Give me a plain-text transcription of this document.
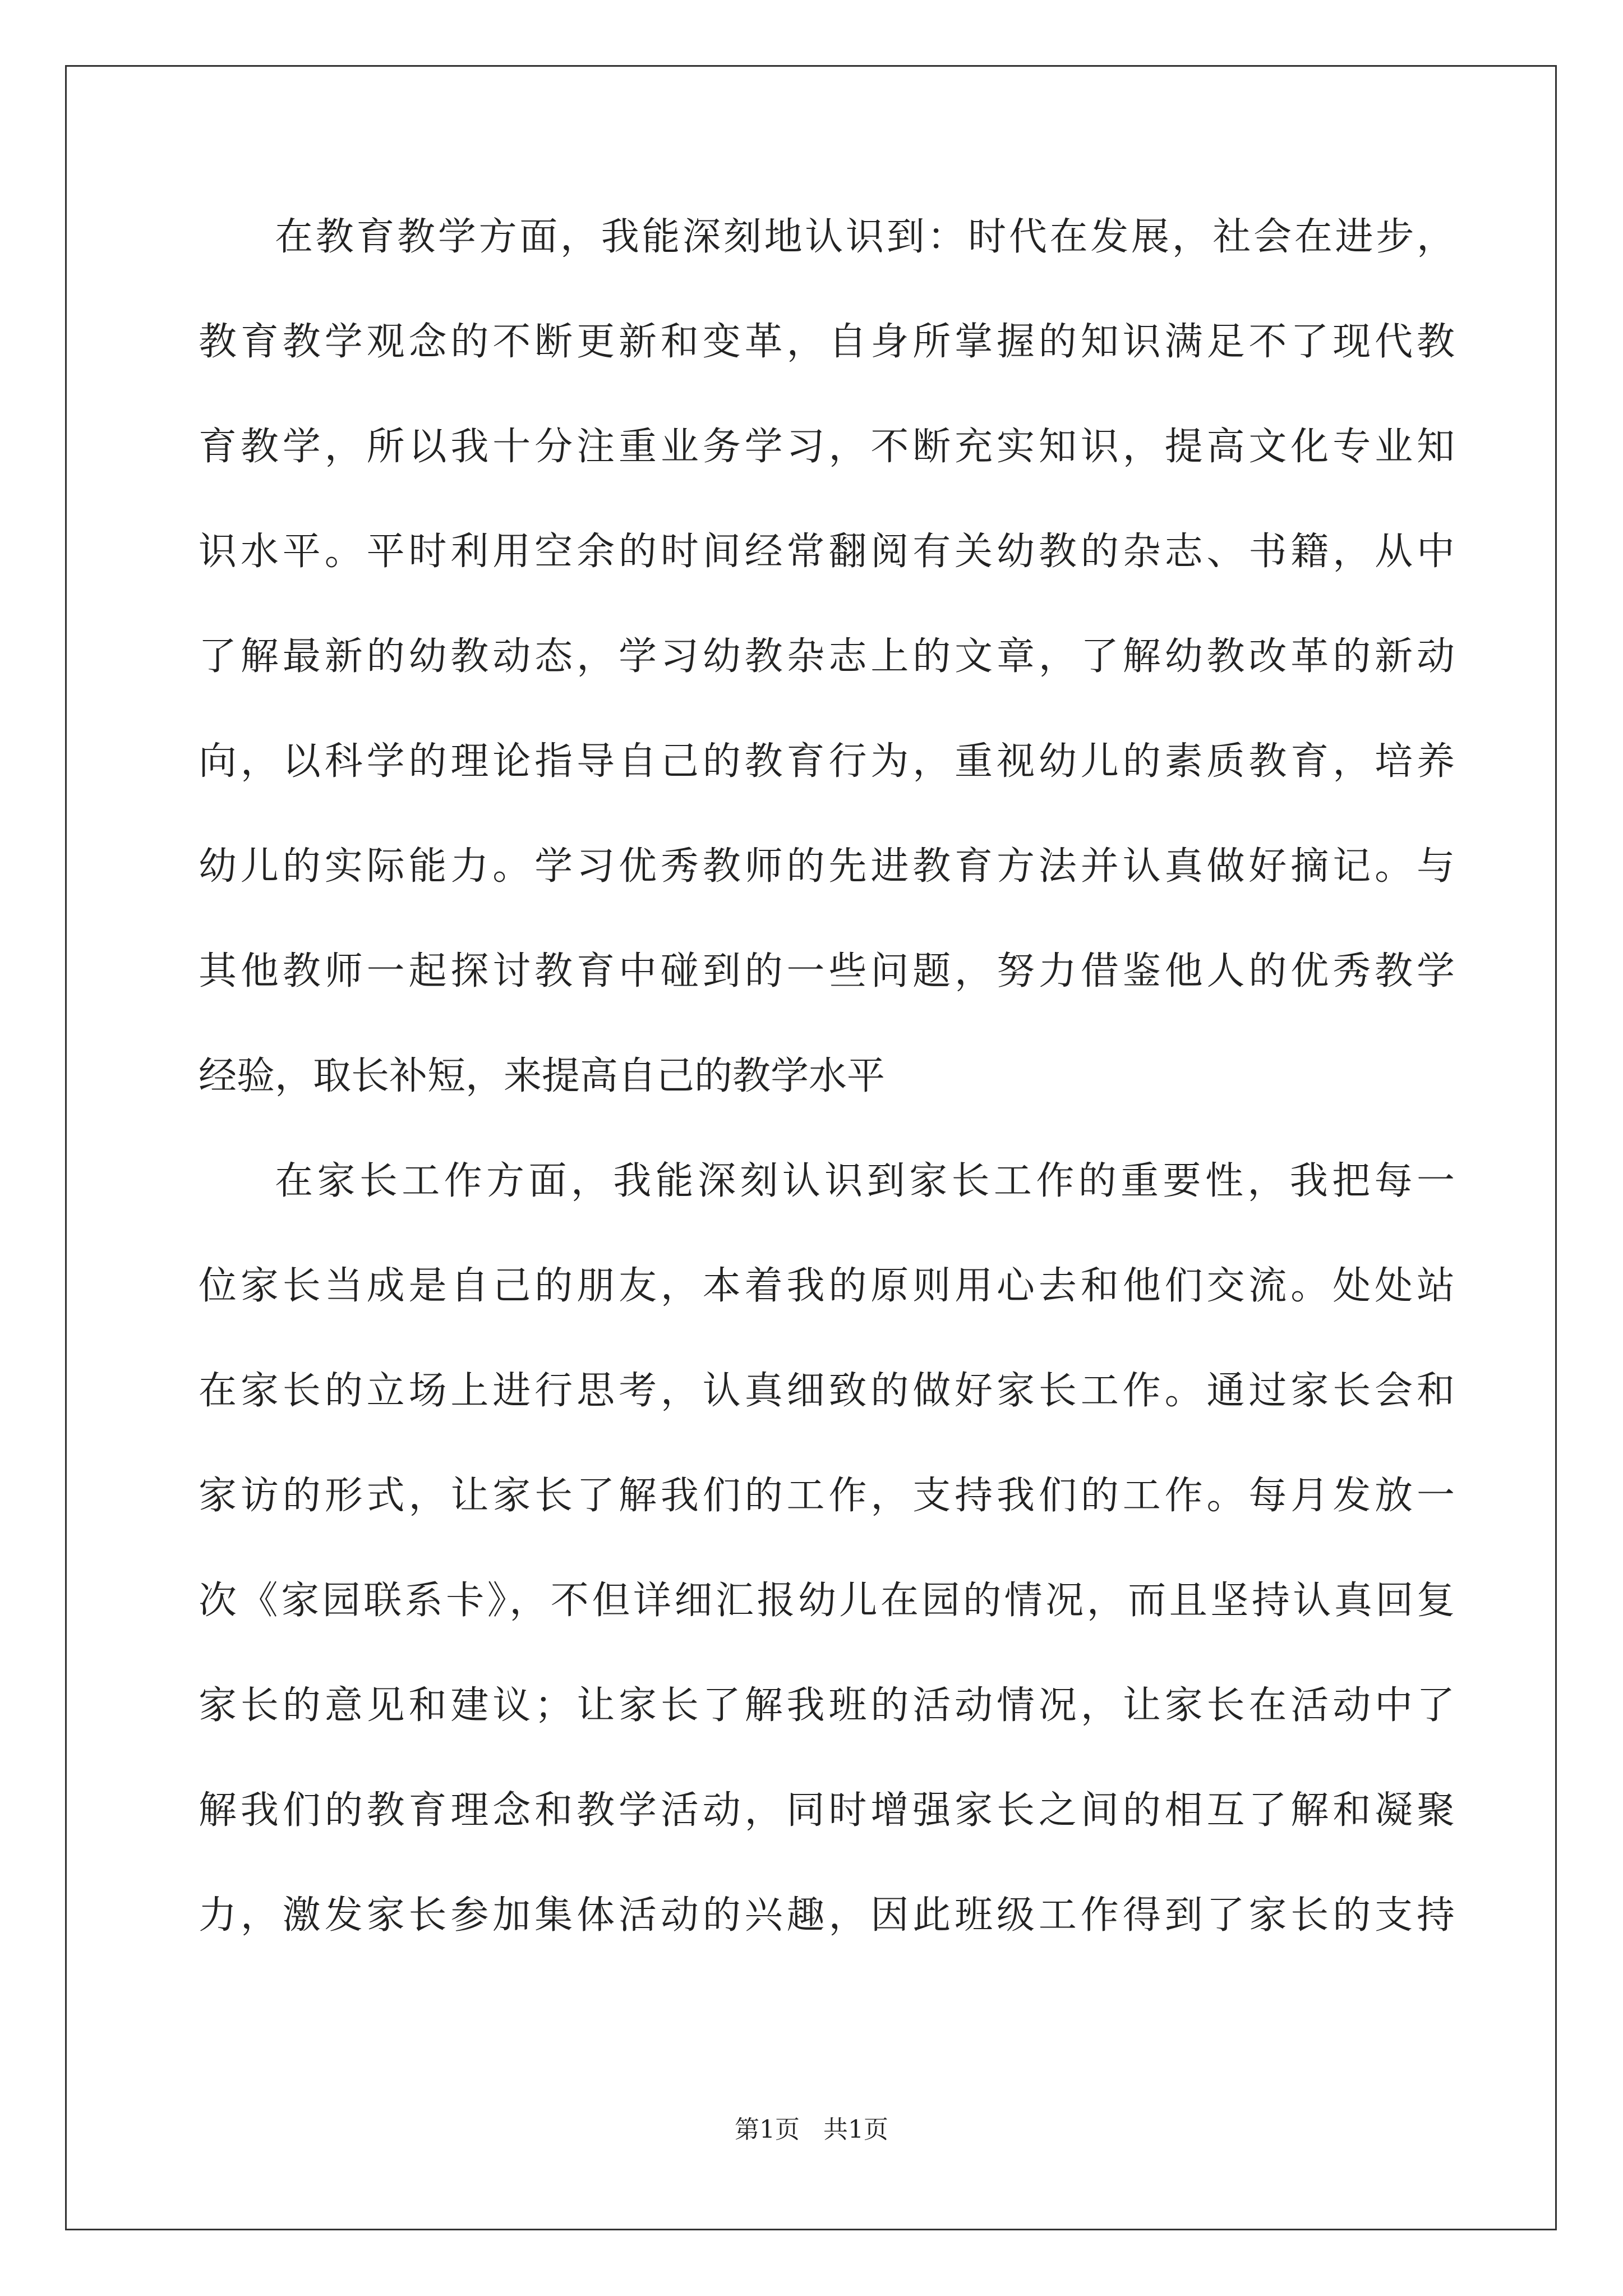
在教育教学方面，我能深刻地认识到：时代在发展，社会在进步，
教育教学观念的不断更新和变革，自身所掌握的知识满足不了现代教
育教学，所以我十分注重业务学习，不断充实知识，提高文化专业知
识水平。平时利用空余的时间经常翻阅有关幼教的杂志、书籍，从中
了解最新的幼教动态，学习幼教杂志上的文章，了解幼教改革的新动
向，以科学的理论指导自己的教育行为，重视幼儿的素质教育，培养
幼儿的实际能力。学习优秀教师的先进教育方法并认真做好摘记。与
其他教师一起探讨教育中碰到的一些问题，努力借鉴他人的优秀教学
经验，取长补短，来提高自己的教学水平
在家长工作方面，我能深刻认识到家长工作的重要性，我把每一
位家长当成是自己的朋友，本着我的原则用心去和他们交流。处处站
在家长的立场上进行思考，认真细致的做好家长工作。通过家长会和
家访的形式，让家长了解我们的工作，支持我们的工作。每月发放一
次《家园联系卡》，不但详细汇报幼儿在园的情况，而且坚持认真回复
家长的意见和建议；让家长了解我班的活动情况，让家长在活动中了
解我们的教育理念和教学活动，同时增强家长之间的相互了解和凝聚
力，激发家长参加集体活动的兴趣，因此班级工作得到了家长的支持
第1页 共1页
